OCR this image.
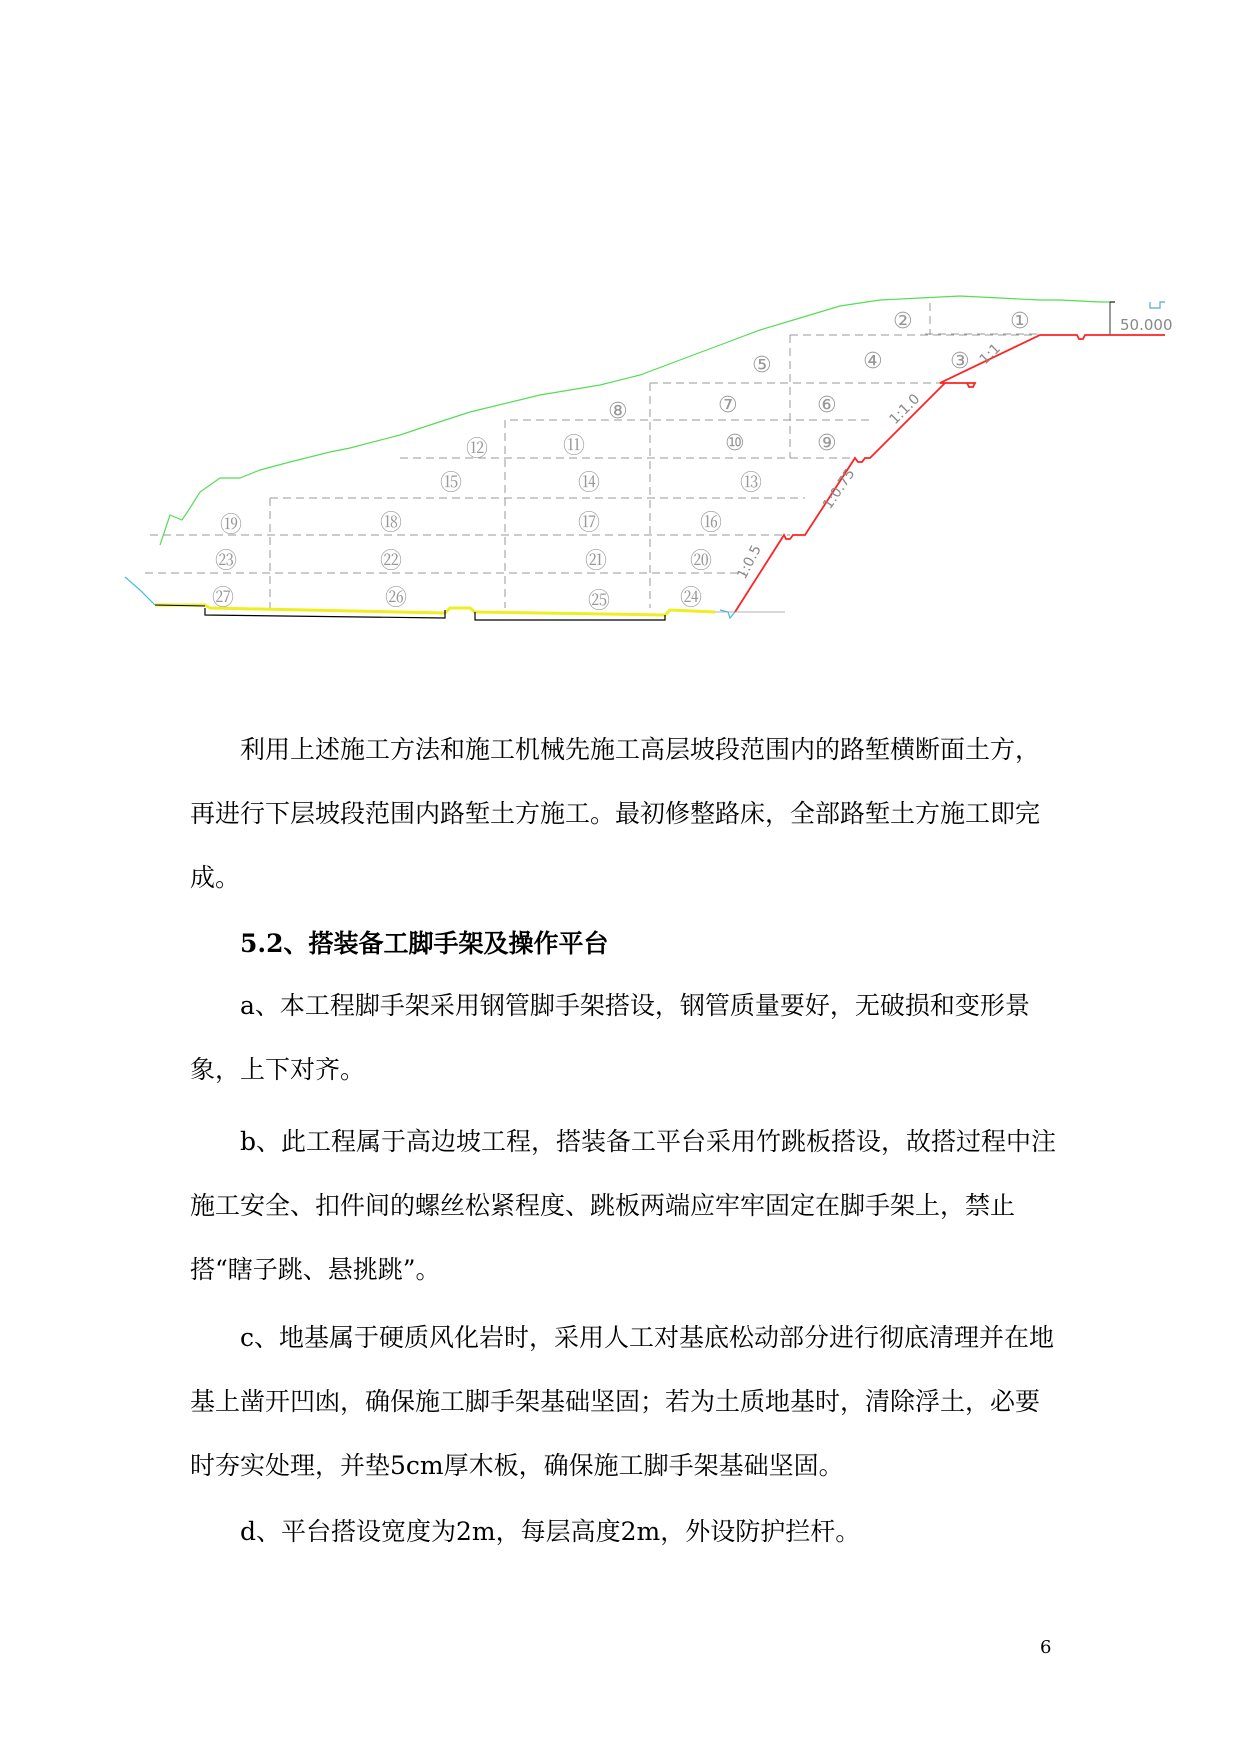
1:1
1:1.0
1:0.75
1:0.5
50.000
①
②
③
④
⑤
⑥
⑦
⑧
⑨
⑩
⑪
⑫
⑬
⑭
⑮
⑯
⑰
⑱
⑲
⑳
㉑
㉒
㉓
㉔
㉕
㉖
㉗

利用上述施工方法和施工机械先施工高层坡段范围内的路堑横断面土方，再进行下层坡段范围内路堑土方施工。最初修整路床，全部路堑土方施工即完成。

5.2、搭装备工脚手架及操作平台

a、本工程脚手架采用钢管脚手架搭设，钢管质量要好，无破损和变形景象，上下对齐。

b、此工程属于高边坡工程，搭装备工平台采用竹跳板搭设，故搭过程中注施工安全、扣件间的螺丝松紧程度、跳板两端应牢牢固定在脚手架上，禁止搭“瞎子跳、悬挑跳”。

c、地基属于硬质风化岩时，采用人工对基底松动部分进行彻底清理并在地基上凿开凹凼，确保施工脚手架基础坚固；若为土质地基时，清除浮土，必要时夯实处理，并垫5cm厚木板，确保施工脚手架基础坚固。

d、平台搭设宽度为2m，每层高度2m，外设防护拦杆。

6
